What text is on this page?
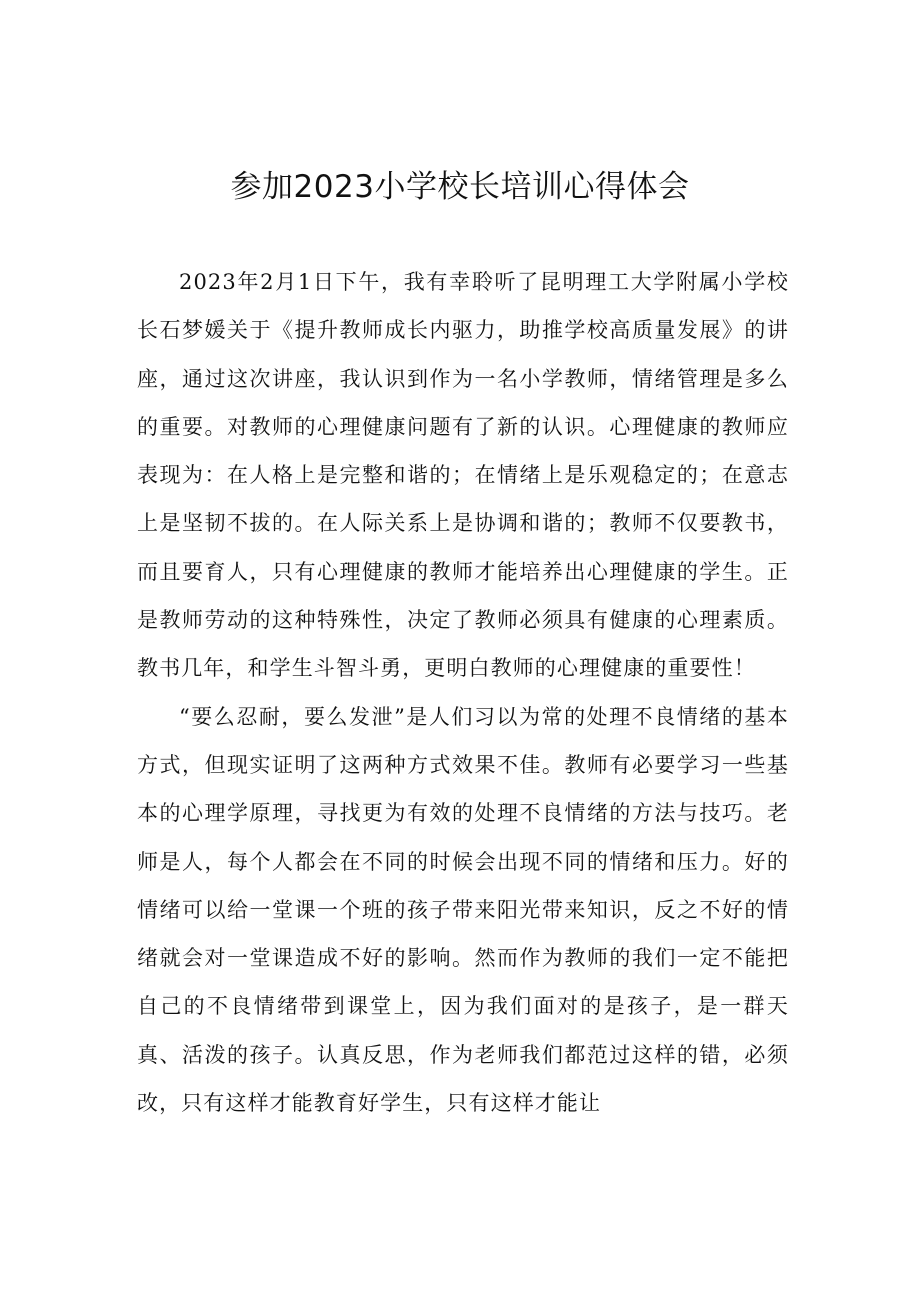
参加2023小学校长培训心得体会

2023年2月1日下午，我有幸聆听了昆明理工大学附属小学校长石梦媛关于《提升教师成长内驱力，助推学校高质量发展》的讲座，通过这次讲座，我认识到作为一名小学教师，情绪管理是多么的重要。对教师的心理健康问题有了新的认识。心理健康的教师应表现为：在人格上是完整和谐的；在情绪上是乐观稳定的；在意志上是坚韧不拔的。在人际关系上是协调和谐的；教师不仅要教书，而且要育人，只有心理健康的教师才能培养出心理健康的学生。正是教师劳动的这种特殊性，决定了教师必须具有健康的心理素质。教书几年，和学生斗智斗勇，更明白教师的心理健康的重要性！

“要么忍耐，要么发泄”是人们习以为常的处理不良情绪的基本方式，但现实证明了这两种方式效果不佳。教师有必要学习一些基本的心理学原理，寻找更为有效的处理不良情绪的方法与技巧。老师是人，每个人都会在不同的时候会出现不同的情绪和压力。好的情绪可以给一堂课一个班的孩子带来阳光带来知识，反之不好的情绪就会对一堂课造成不好的影响。然而作为教师的我们一定不能把自己的不良情绪带到课堂上，因为我们面对的是孩子，是一群天真、活泼的孩子。认真反思，作为老师我们都范过这样的错，必须改，只有这样才能教育好学生，只有这样才能让
